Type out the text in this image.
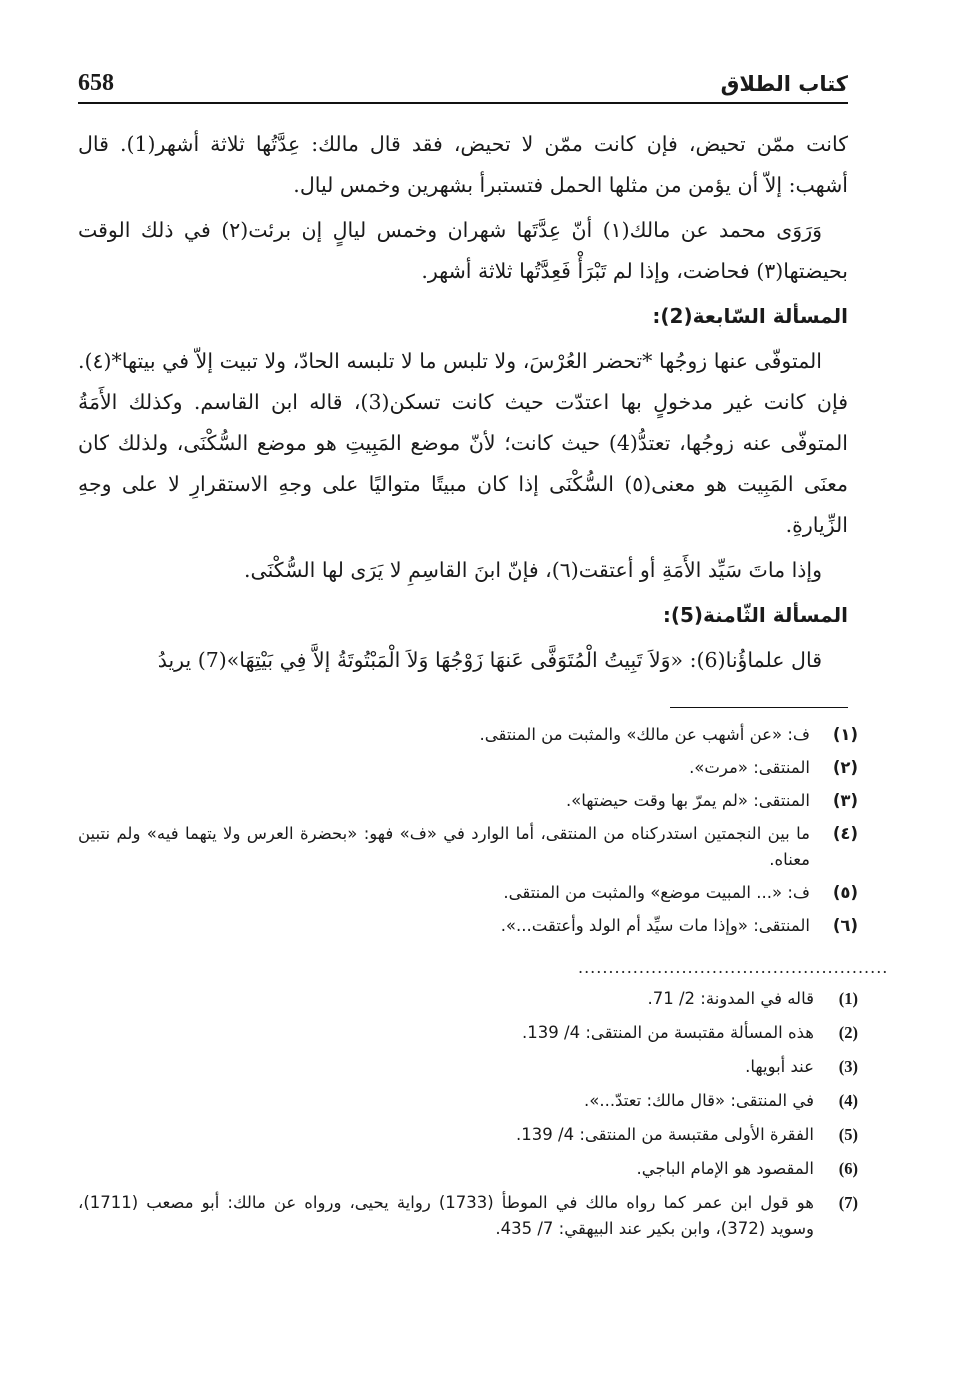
658	كتاب الطلاق

كانت ممّن تحيض، فإن كانت ممّن لا تحيض، فقد قال مالك: عِدَّتُها ثلاثة أشهر(1). قال أشهب: إلاّ أن يؤمن من مثلها الحمل فتستبرأ بشهرين وخمس ليال.

وَرَوَى محمد عن مالك(١) أنّ عِدَّتَها شهران وخمس ليالٍ إن برئت(٢) في ذلك الوقت بحيضتها(٣) فحاضت، وإذا لم تَبْرَأْ فَعِدَّتُها ثلاثة أشهر.

المسألة السّابعة(2):

المتوفّى عنها زوجُها *تحضر العُرْسَ، ولا تلبس ما لا تلبسه الحادّ، ولا تبيت إلاّ في بيتها*(٤). فإن كانت غير مدخولٍ بها اعتدّت حيث كانت تسكن(3)، قاله ابن القاسم. وكذلك الأَمَةُ المتوفّى عنه زوجُها، تعتدُّ(4) حيث كانت؛ لأنّ موضع المَبِيتِ هو موضع السُّكْنَى، ولذلك كان معنَى المَبِيت هو معنى(٥) السُّكْنَى إذا كان مبيتًا متواليًا على وجهِ الاستقرارِ لا على وجهِ الزِّيارةِ.

وإذا ماتَ سَيِّد الأَمَةِ أو أعتقت(٦)، فإنّ ابنَ القاسِمِ لا يَرَى لها السُّكْنَى.

المسألة الثّامنة(5):

قال علماؤُنا(6): «وَلاَ تَبِيتُ الْمُتَوَفَّى عَنهَا زَوْجُهَا وَلاَ الْمَبْتُوتَةُ إلاَّ فِي بَيْتِهَا»(7) يريدُ

(١)
ف: «عن أشهب عن مالك» والمثبت من المنتقى.
(٢)
المنتقى: «مرت».
(٣)
المنتقى: «لم يمرّ بها وقت حيضتها».
(٤)
ما بين النجمتين استدركناه من المنتقى، أما الوارد في «ف» فهو: «بحضرة العرس ولا يتهما فيه» ولم نتبين معناه.
(٥)
ف: «... المبيت موضع» والمثبت من المنتقى.
(٦)
المنتقى: «وإذا مات سيِّد أم الولد وأعتقت...».
...................................................
(1)
قاله في المدونة: 2/ 71.
(2)
هذه المسألة مقتبسة من المنتقى: 4/ 139.
(3)
عند أبويها.
(4)
في المنتقى: «قال مالك: تعتدّ...».
(5)
الفقرة الأولى مقتبسة من المنتقى: 4/ 139.
(6)
المقصود هو الإمام الباجي.
(7)
هو قول ابن عمر كما رواه مالك في الموطأ (1733) رواية يحيى، ورواه عن مالك: أبو مصعب (1711)، وسويد (372)، وابن بكير عند البيهقي: 7/ 435.
